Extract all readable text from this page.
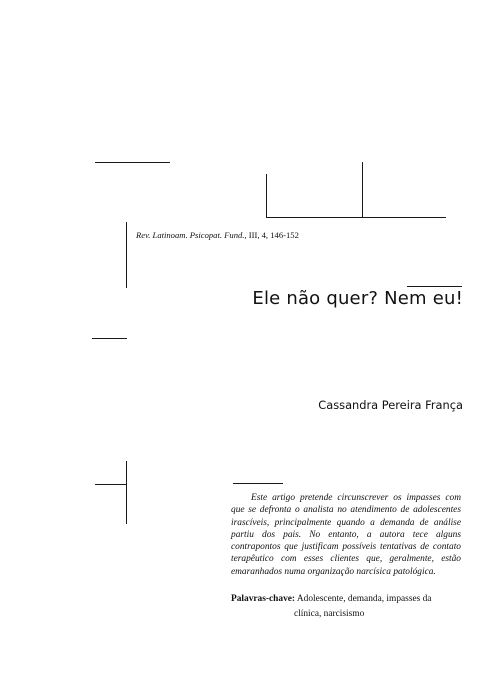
Rev. Latinoam. Psicopat. Fund., III, 4, 146-152
Ele não quer? Nem eu!
Cassandra Pereira França

Este artigo pretende circunscrever os impasses com que se defronta o analista no atendimento de adolescentes irascíveis, principalmente quando a demanda de análise partiu dos pais. No entanto, a autora tece alguns contrapontos que justificam possíveis tentativas de contato terapêutico com esses clientes que, geralmente, estão emaranhados numa organização narcísica patológica.

Palavras-chave: Adolescente, demanda, impasses da
clínica, narcisismo
